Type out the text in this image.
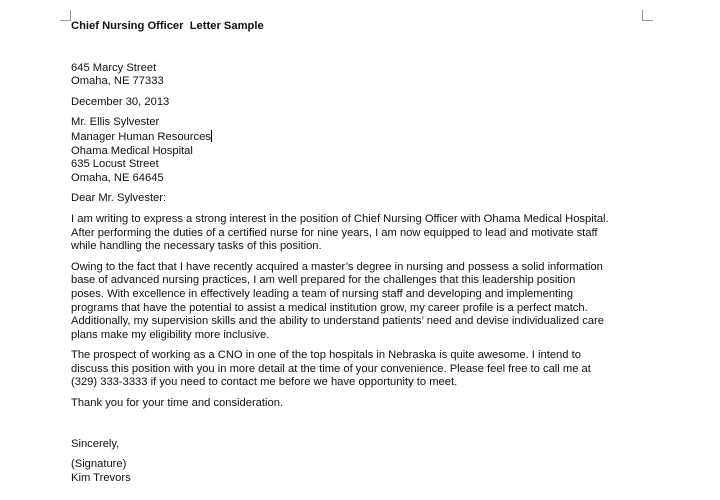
Chief Nursing Officer  Letter Sample
645 Marcy Street
Omaha, NE 77333
December 30, 2013
Mr. Ellis Sylvester
Manager Human Resources
Ohama Medical Hospital
635 Locust Street
Omaha, NE 64645
Dear Mr. Sylvester:
I am writing to express a strong interest in the position of Chief Nursing Officer with Ohama Medical Hospital.
After performing the duties of a certified nurse for nine years, I am now equipped to lead and motivate staff
while handling the necessary tasks of this position.
Owing to the fact that I have recently acquired a master’s degree in nursing and possess a solid information
base of advanced nursing practices, I am well prepared for the challenges that this leadership position
poses. With excellence in effectively leading a team of nursing staff and developing and implementing
programs that have the potential to assist a medical institution grow, my career profile is a perfect match.
Additionally, my supervision skills and the ability to understand patients’ need and devise individualized care
plans make my eligibility more inclusive.
The prospect of working as a CNO in one of the top hospitals in Nebraska is quite awesome. I intend to
discuss this position with you in more detail at the time of your convenience. Please feel free to call me at
(329) 333-3333 if you need to contact me before we have opportunity to meet.
Thank you for your time and consideration.
Sincerely,
(Signature)
Kim Trevors
